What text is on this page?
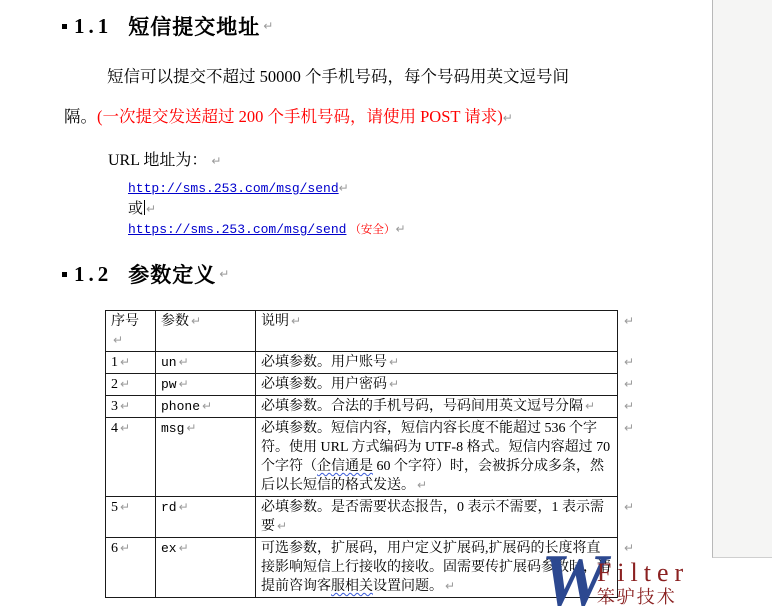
1.1 短信提交地址 ↵
短信可以提交不超过 50000 个手机号码，每个号码用英文逗号间
隔。(一次提交发送超过 200 个手机号码，请使用 POST 请求)↵
URL 地址为： ↵
http://sms.253.com/msg/send↵
或 ↵
https://sms.253.com/msg/send （安全）↵
1.2 参数定义 ↵
序号↵	参数 ↵	说明 ↵ ↵

1 ↵	un ↵	必填参数。用户账号 ↵ ↵

2 ↵	pw ↵	必填参数。用户密码 ↵ ↵

3 ↵	phone ↵	必填参数。合法的手机号码，号码间用英文逗号分隔 ↵ ↵

4 ↵	msg ↵	必填参数。短信内容，短信内容长度不能超过 536 个字符。使用 URL 方式编码为 UTF-8 格式。短信内容超过 70 个字符（企信通是 60 个字符）时，会被拆分成多条，然后以长短信的格式发送。 ↵
↵

5 ↵	rd ↵	必填参数。是否需要状态报告，0 表示不需要，1 表示需要 ↵
↵

6 ↵	ex ↵	可选参数，扩展码，用户定义扩展码,扩展码的长度将直接影响短信上行接收的接收。固需要传扩展码参数时，请提前咨询客服相关设置问题。 ↵
↵
W
Filter
笨驴技术
